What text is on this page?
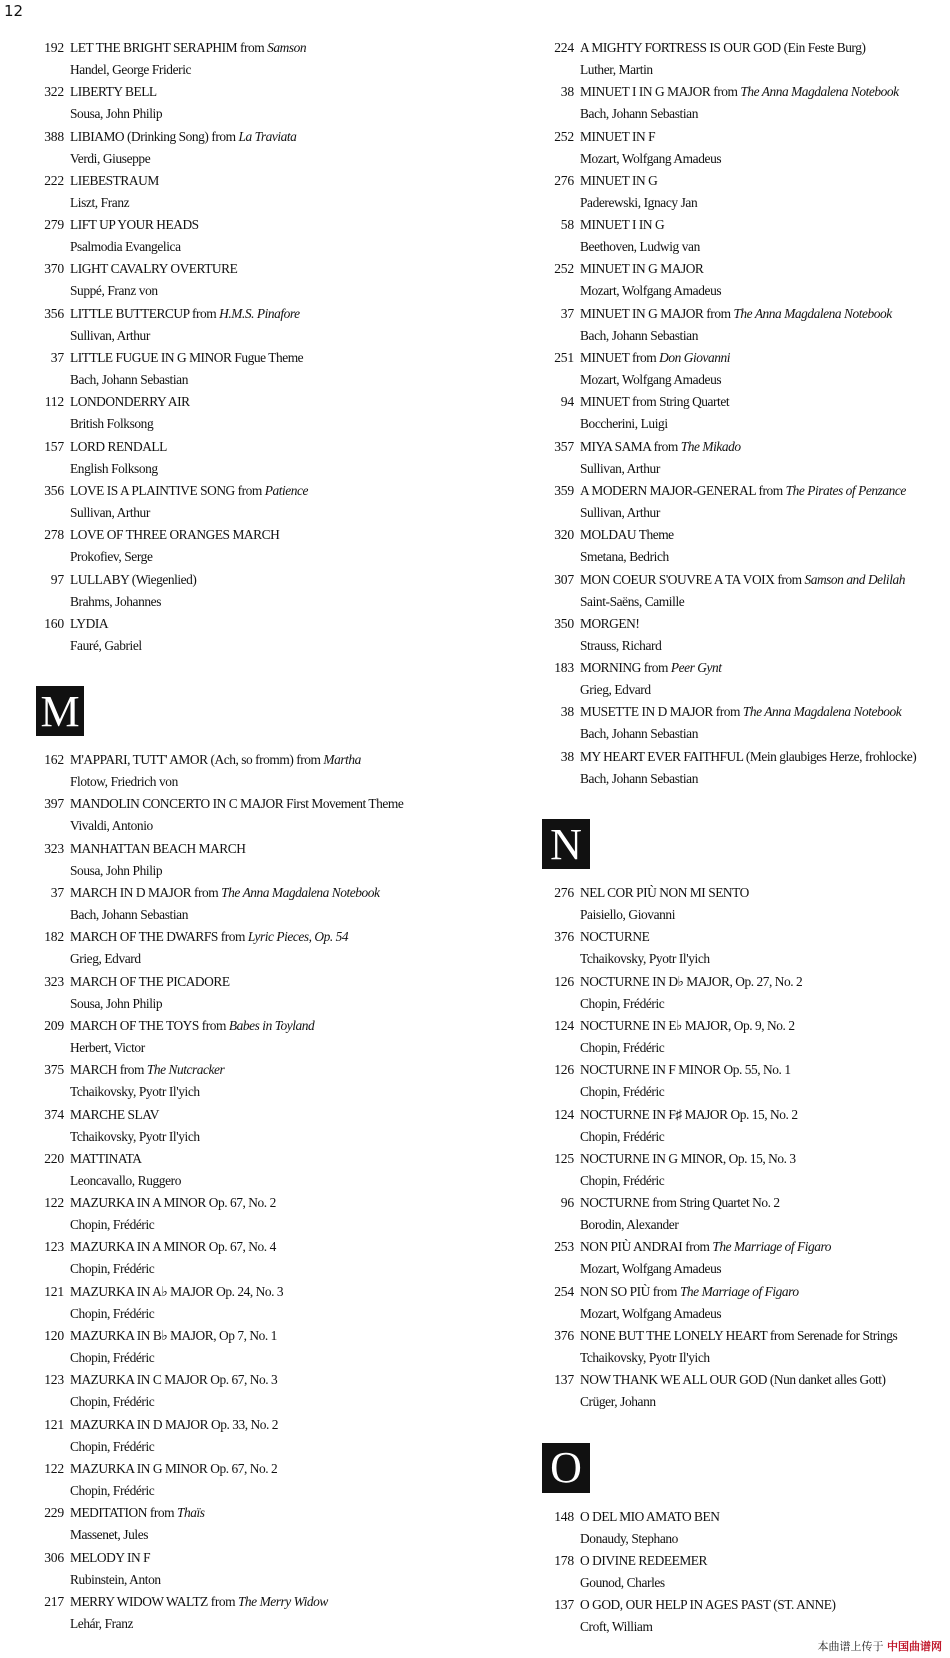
12
192 LET THE BRIGHT SERAPHIM from Samson
Handel, George Frideric
322 LIBERTY BELL
Sousa, John Philip
388 LIBIAMO (Drinking Song) from La Traviata
Verdi, Giuseppe
222 LIEBESTRAUM
Liszt, Franz
279 LIFT UP YOUR HEADS
Psalmodia Evangelica
370 LIGHT CAVALRY OVERTURE
Suppé, Franz von
356 LITTLE BUTTERCUP from H.M.S. Pinafore
Sullivan, Arthur
37 LITTLE FUGUE IN G MINOR Fugue Theme
Bach, Johann Sebastian
112 LONDONDERRY AIR
British Folksong
157 LORD RENDALL
English Folksong
356 LOVE IS A PLAINTIVE SONG from Patience
Sullivan, Arthur
278 LOVE OF THREE ORANGES MARCH
Prokofiev, Serge
97 LULLABY (Wiegenlied)
Brahms, Johannes
160 LYDIA
Fauré, Gabriel
M
162 M'APPARI, TUTT' AMOR (Ach, so fromm) from Martha
Flotow, Friedrich von
397 MANDOLIN CONCERTO IN C MAJOR First Movement Theme
Vivaldi, Antonio
323 MANHATTAN BEACH MARCH
Sousa, John Philip
37 MARCH IN D MAJOR from The Anna Magdalena Notebook
Bach, Johann Sebastian
182 MARCH OF THE DWARFS from Lyric Pieces, Op. 54
Grieg, Edvard
323 MARCH OF THE PICADORE
Sousa, John Philip
209 MARCH OF THE TOYS from Babes in Toyland
Herbert, Victor
375 MARCH from The Nutcracker
Tchaikovsky, Pyotr Il'yich
374 MARCHE SLAV
Tchaikovsky, Pyotr Il'yich
220 MATTINATA
Leoncavallo, Ruggero
122 MAZURKA IN A MINOR Op. 67, No. 2
Chopin, Frédéric
123 MAZURKA IN A MINOR Op. 67, No. 4
Chopin, Frédéric
121 MAZURKA IN A♭ MAJOR Op. 24, No. 3
Chopin, Frédéric
120 MAZURKA IN B♭ MAJOR, Op 7, No. 1
Chopin, Frédéric
123 MAZURKA IN C MAJOR Op. 67, No. 3
Chopin, Frédéric
121 MAZURKA IN D MAJOR Op. 33, No. 2
Chopin, Frédéric
122 MAZURKA IN G MINOR Op. 67, No. 2
Chopin, Frédéric
229 MEDITATION from Thaïs
Massenet, Jules
306 MELODY IN F
Rubinstein, Anton
217 MERRY WIDOW WALTZ from The Merry Widow
Lehár, Franz
224 A MIGHTY FORTRESS IS OUR GOD (Ein Feste Burg)
Luther, Martin
38 MINUET I IN G MAJOR from The Anna Magdalena Notebook
Bach, Johann Sebastian
252 MINUET IN F
Mozart, Wolfgang Amadeus
276 MINUET IN G
Paderewski, Ignacy Jan
58 MINUET I IN G
Beethoven, Ludwig van
252 MINUET IN G MAJOR
Mozart, Wolfgang Amadeus
37 MINUET IN G MAJOR from The Anna Magdalena Notebook
Bach, Johann Sebastian
251 MINUET from Don Giovanni
Mozart, Wolfgang Amadeus
94 MINUET from String Quartet
Boccherini, Luigi
357 MIYA SAMA from The Mikado
Sullivan, Arthur
359 A MODERN MAJOR-GENERAL from The Pirates of Penzance
Sullivan, Arthur
320 MOLDAU Theme
Smetana, Bedrich
307 MON COEUR S'OUVRE A TA VOIX from Samson and Delilah
Saint-Saëns, Camille
350 MORGEN!
Strauss, Richard
183 MORNING from Peer Gynt
Grieg, Edvard
38 MUSETTE IN D MAJOR from The Anna Magdalena Notebook
Bach, Johann Sebastian
38 MY HEART EVER FAITHFUL (Mein glaubiges Herze, frohlocke)
Bach, Johann Sebastian
N
276 NEL COR PIÙ NON MI SENTO
Paisiello, Giovanni
376 NOCTURNE
Tchaikovsky, Pyotr Il'yich
126 NOCTURNE IN D♭ MAJOR, Op. 27, No. 2
Chopin, Frédéric
124 NOCTURNE IN E♭ MAJOR, Op. 9, No. 2
Chopin, Frédéric
126 NOCTURNE IN F MINOR Op. 55, No. 1
Chopin, Frédéric
124 NOCTURNE IN F♯ MAJOR Op. 15, No. 2
Chopin, Frédéric
125 NOCTURNE IN G MINOR, Op. 15, No. 3
Chopin, Frédéric
96 NOCTURNE from String Quartet No. 2
Borodin, Alexander
253 NON PIÙ ANDRAI from The Marriage of Figaro
Mozart, Wolfgang Amadeus
254 NON SO PIÙ from The Marriage of Figaro
Mozart, Wolfgang Amadeus
376 NONE BUT THE LONELY HEART from Serenade for Strings
Tchaikovsky, Pyotr Il'yich
137 NOW THANK WE ALL OUR GOD (Nun danket alles Gott)
Crüger, Johann
O
148 O DEL MIO AMATO BEN
Donaudy, Stephano
178 O DIVINE REDEEMER
Gounod, Charles
137 O GOD, OUR HELP IN AGES PAST (ST. ANNE)
Croft, William
本曲谱上传于 中国曲谱网
